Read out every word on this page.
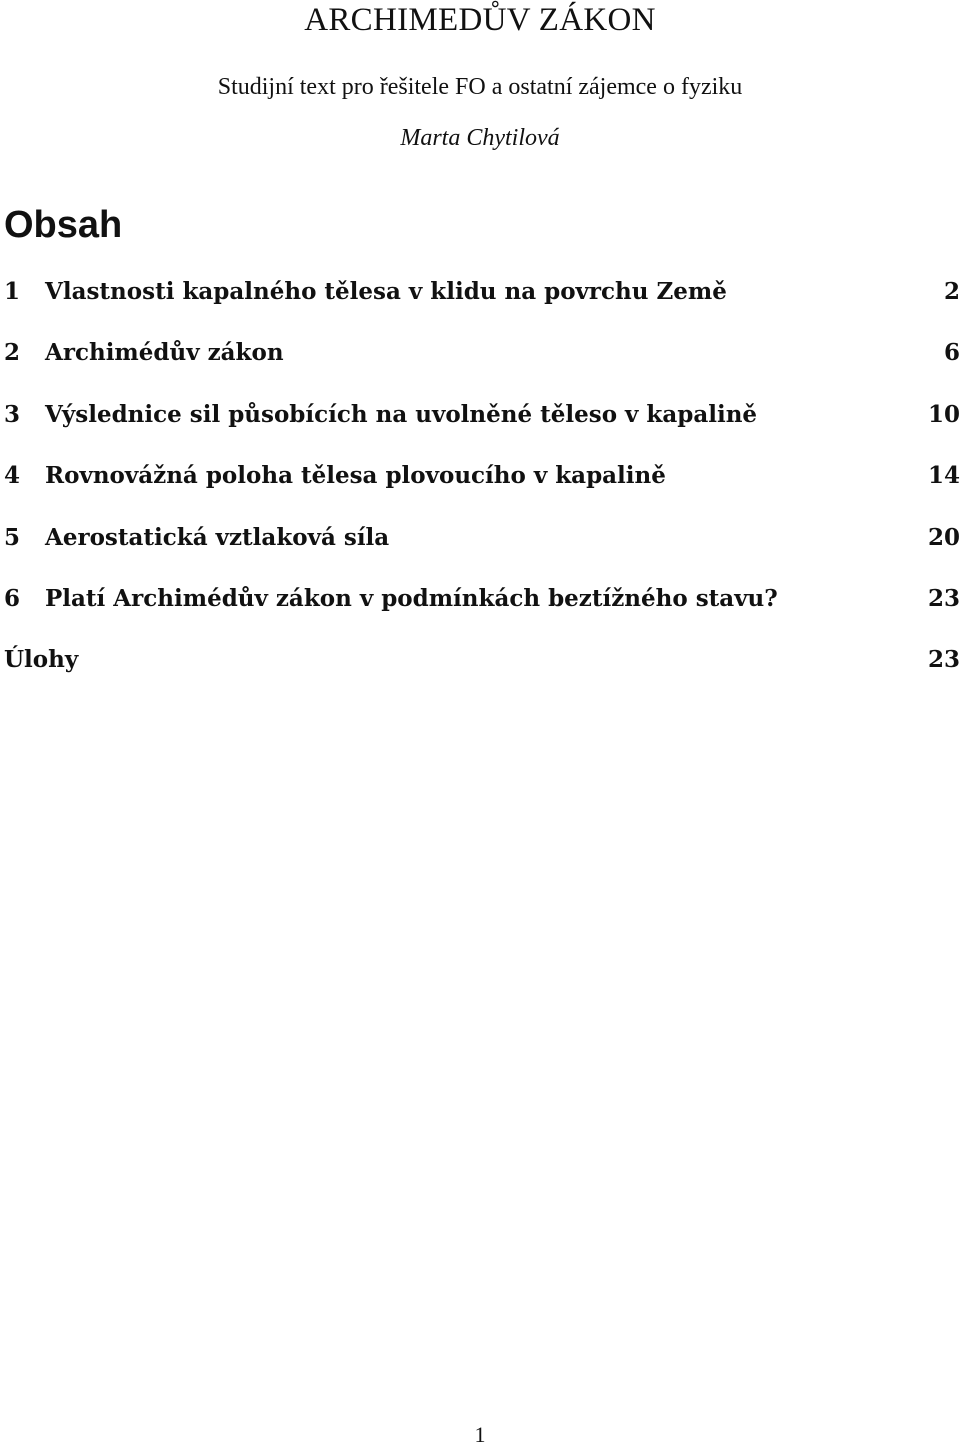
ARCHIMEDŮV ZÁKON
Studijní text pro řešitele FO a ostatní zájemce o fyziku
Marta Chytilová
Obsah
1 Vlastnosti kapalného tělesa v klidu na povrchu Země	2
2 Archimédův zákon	6
3 Výslednice sil působících na uvolněné těleso v kapalině	10
4 Rovnovážná poloha tělesa plovoucího v kapalině	14
5 Aerostatická vztlaková síla	20
6 Platí Archimédův zákon v podmínkách beztížného stavu?	23
Úlohy	23
1
